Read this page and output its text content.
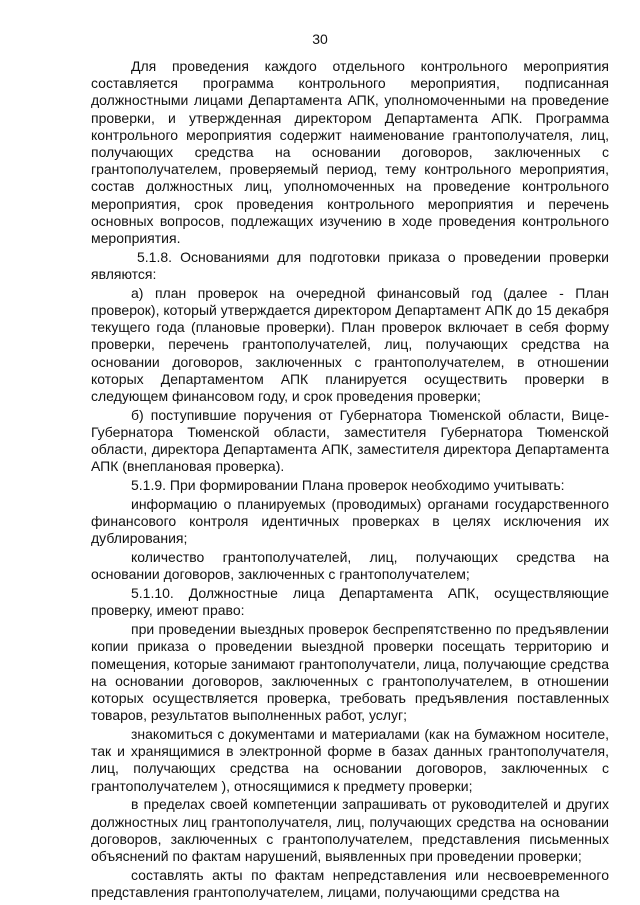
30

Для проведения каждого отдельного контрольного мероприятия составляется программа контрольного мероприятия, подписанная должностными лицами Департамента АПК, уполномоченными на проведение проверки, и утвержденная директором Департамента АПК. Программа контрольного мероприятия содержит наименование грантополучателя, лиц, получающих средства на основании договоров, заключенных с грантополучателем, проверяемый период, тему контрольного мероприятия, состав должностных лиц, уполномоченных на проведение контрольного мероприятия, срок проведения контрольного мероприятия и перечень основных вопросов, подлежащих изучению в ходе проведения контрольного мероприятия.

5.1.8. Основаниями для подготовки приказа о проведении проверки являются:

а) план проверок на очередной финансовый год (далее - План проверок), который утверждается директором Департамент АПК до 15 декабря текущего года (плановые проверки). План проверок включает в себя форму проверки, перечень грантополучателей, лиц, получающих средства на основании договоров, заключенных с грантополучателем, в отношении которых Департаментом АПК планируется осуществить проверки в следующем финансовом году, и срок проведения проверки;

б) поступившие поручения от Губернатора Тюменской области, Вице-Губернатора Тюменской области, заместителя Губернатора Тюменской области, директора Департамента АПК, заместителя директора Департамента АПК (внеплановая проверка).

5.1.9. При формировании Плана проверок необходимо учитывать:

информацию о планируемых (проводимых) органами государственного финансового контроля идентичных проверках в целях исключения их дублирования;

количество грантополучателей, лиц, получающих средства на основании договоров, заключенных с грантополучателем;

5.1.10. Должностные лица Департамента АПК, осуществляющие проверку, имеют право:

при проведении выездных проверок беспрепятственно по предъявлении копии приказа о проведении выездной проверки посещать территорию и помещения, которые занимают грантополучатели, лица, получающие средства на основании договоров, заключенных с грантополучателем, в отношении которых осуществляется проверка, требовать предъявления поставленных товаров, результатов выполненных работ, услуг;

знакомиться с документами и материалами (как на бумажном носителе, так и хранящимися в электронной форме в базах данных грантополучателя, лиц, получающих средства на основании договоров, заключенных с грантополучателем ), относящимися к предмету проверки;

в пределах своей компетенции запрашивать от руководителей и других должностных лиц грантополучателя, лиц, получающих средства на основании договоров, заключенных с грантополучателем, представления письменных объяснений по фактам нарушений, выявленных при проведении проверки;

составлять акты по фактам непредставления или несвоевременного представления грантополучателем, лицами, получающими средства на
